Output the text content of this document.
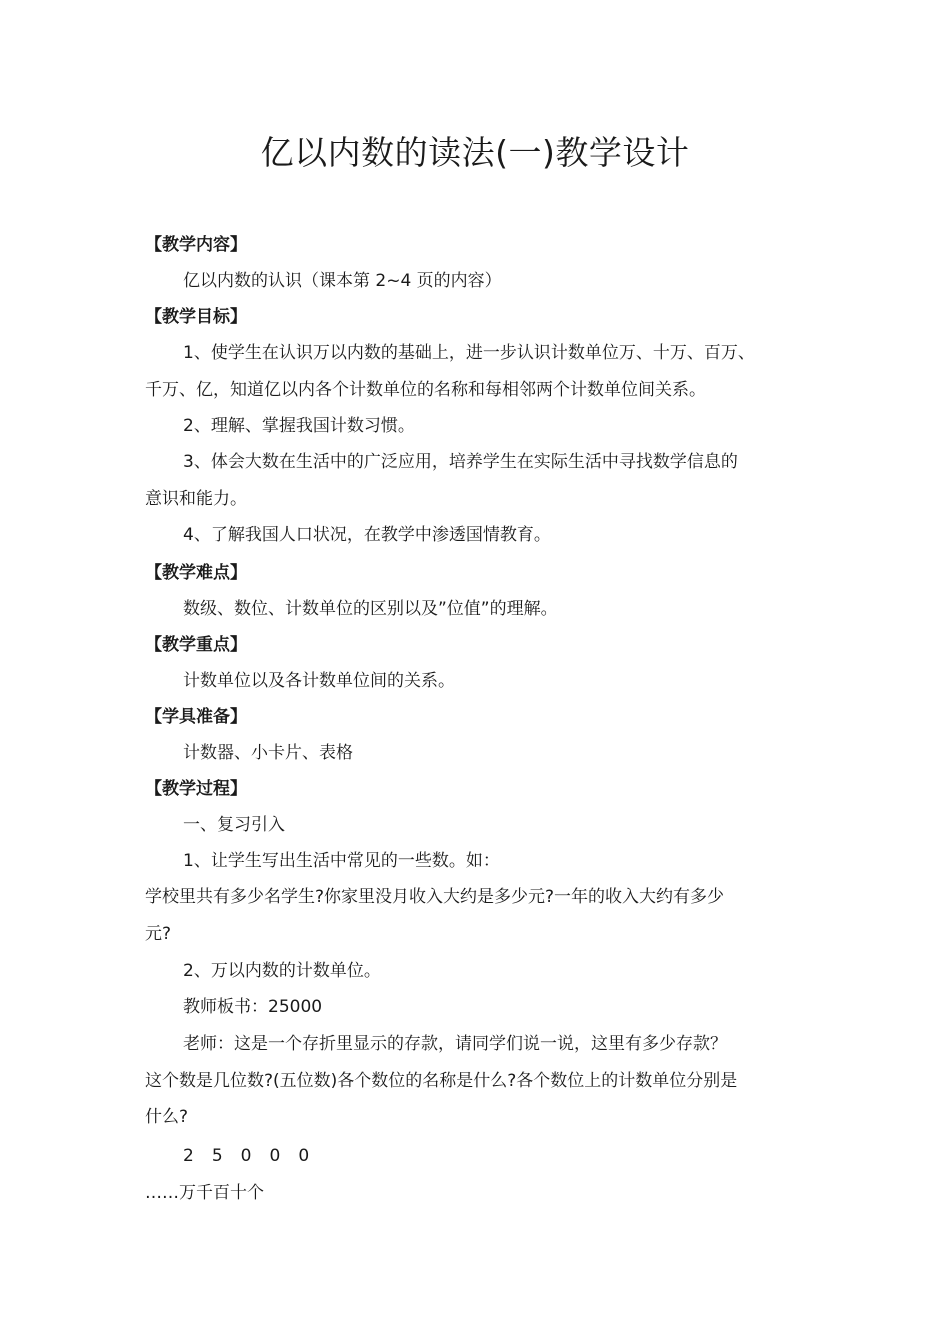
亿以内数的读法(一)教学设计
【教学内容】
亿以内数的认识（课本第 2~4 页的内容）
【教学目标】
1、使学生在认识万以内数的基础上，进一步认识计数单位万、十万、百万、
千万、亿，知道亿以内各个计数单位的名称和每相邻两个计数单位间关系。
2、理解、掌握我国计数习惯。
3、体会大数在生活中的广泛应用，培养学生在实际生活中寻找数学信息的
意识和能力。
4、了解我国人口状况，在教学中渗透国情教育。
【教学难点】
数级、数位、计数单位的区别以及”位值”的理解。
【教学重点】
计数单位以及各计数单位间的关系。
【学具准备】
计数器、小卡片、表格
【教学过程】
一、复习引入
1、让学生写出生活中常见的一些数。如：
学校里共有多少名学生?你家里没月收入大约是多少元?一年的收入大约有多少
元?
2、万以内数的计数单位。
教师板书：25000
老师：这是一个存折里显示的存款，请同学们说一说，这里有多少存款？
这个数是几位数?(五位数)各个数位的名称是什么?各个数位上的计数单位分别是
什么?
2 5 0 0 0
……万千百十个
